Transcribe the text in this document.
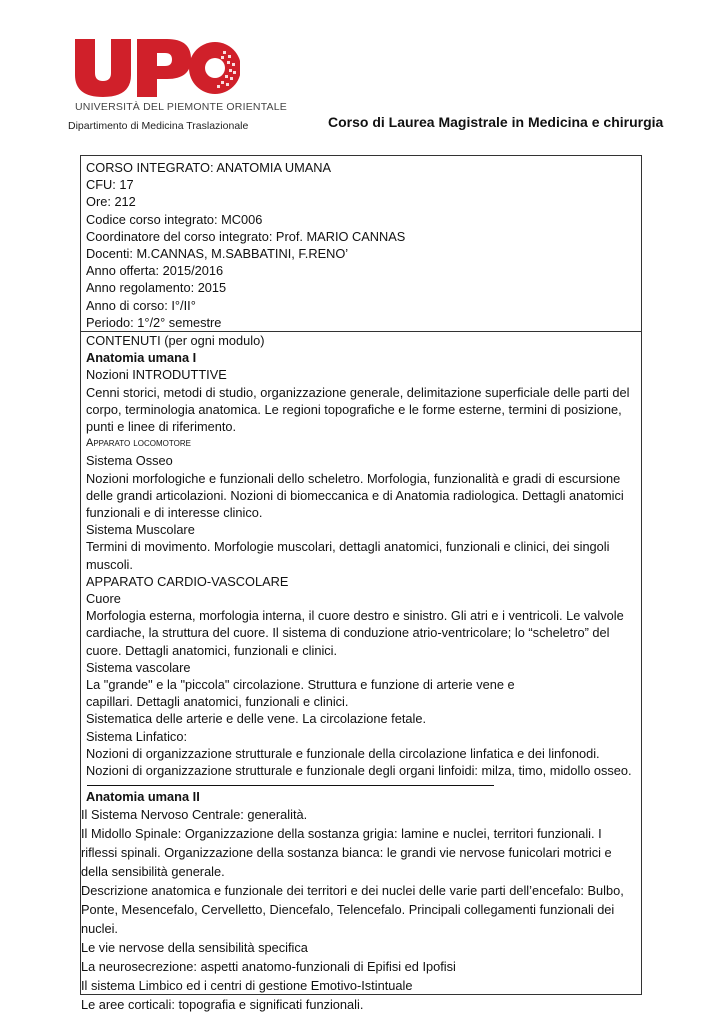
UNIVERSITÀ DEL PIEMONTE ORIENTALE
Dipartimento di Medicina Traslazionale	Corso di Laurea Magistrale in Medicina e chirurgia
CORSO INTEGRATO: ANATOMIA UMANA
CFU: 17
Ore: 212
Codice corso integrato: MC006
Coordinatore del corso integrato: Prof. MARIO CANNAS
Docenti: M.CANNAS, M.SABBATINI, F.RENO’
Anno offerta: 2015/2016
Anno regolamento: 2015
Anno di corso: I°/II°
Periodo: 1°/2° semestre
CONTENUTI (per ogni modulo)
Anatomia umana I
Nozioni INTRODUTTIVE
Cenni storici, metodi di studio, organizzazione generale, delimitazione superficiale delle parti del corpo, terminologia anatomica. Le regioni topografiche e le forme esterne, termini di posizione, punti e linee di riferimento.
Apparato locomotore
Sistema Osseo
Nozioni morfologiche e funzionali dello scheletro. Morfologia, funzionalità e gradi di escursione delle grandi articolazioni. Nozioni di biomeccanica e di Anatomia radiologica. Dettagli anatomici funzionali e di interesse clinico.
Sistema Muscolare
Termini di movimento. Morfologie muscolari, dettagli anatomici, funzionali e clinici, dei singoli muscoli.
APPARATO CARDIO-VASCOLARE
Cuore
Morfologia esterna, morfologia interna, il cuore destro e sinistro. Gli atri e i ventricoli. Le valvole cardiache, la struttura del cuore. Il sistema di conduzione atrio-ventricolare; lo “scheletro” del cuore. Dettagli anatomici, funzionali e clinici.
Sistema vascolare
La "grande" e la "piccola" circolazione. Struttura e funzione di arterie vene e
capillari. Dettagli anatomici, funzionali e clinici.
Sistematica delle arterie e delle vene. La circolazione fetale.
Sistema Linfatico:
Nozioni di organizzazione strutturale e funzionale della circolazione linfatica e dei linfonodi. Nozioni di organizzazione strutturale e funzionale degli organi linfoidi: milza, timo, midollo osseo.
Anatomia umana II
Il Sistema Nervoso Centrale: generalità.
Il Midollo Spinale: Organizzazione della sostanza grigia: lamine e nuclei, territori funzionali. I riflessi spinali. Organizzazione della sostanza bianca: le grandi vie nervose funicolari motrici e della sensibilità generale.
Descrizione anatomica e funzionale dei territori e dei nuclei delle varie parti dell’encefalo: Bulbo, Ponte, Mesencefalo, Cervelletto, Diencefalo, Telencefalo. Principali collegamenti funzionali dei nuclei.
Le vie nervose della sensibilità specifica
La neurosecrezione: aspetti anatomo-funzionali di Epifisi ed Ipofisi
Il sistema Limbico ed i centri di gestione Emotivo-Istintuale
Le aree corticali: topografia e significati funzionali.
